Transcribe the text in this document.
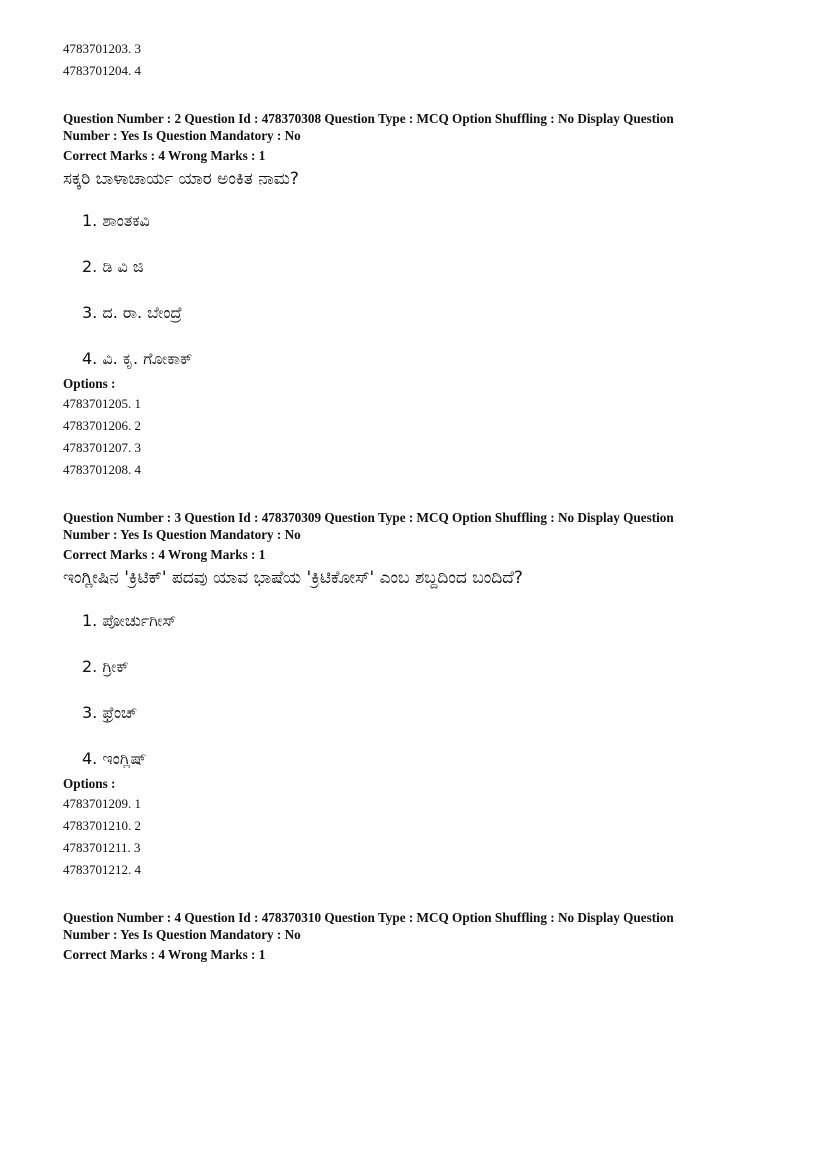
4783701203. 3
4783701204. 4
Question Number : 2 Question Id : 478370308 Question Type : MCQ Option Shuffling : No Display Question
Number : Yes Is Question Mandatory : No
Correct Marks : 4 Wrong Marks : 1
ಸಕ್ಕರಿ ಬಾಳಾಚಾರ್ಯ ಯಾರ ಅಂಕಿತ ನಾಮ?
1. ಶಾಂತಕವಿ
2. ಡಿ ವಿ ಜಿ
3. ದ. ರಾ. ಬೇಂದ್ರೆ
4. ವಿ. ಕೃ. ಗೋಕಾಕ್
Options :
4783701205. 1
4783701206. 2
4783701207. 3
4783701208. 4
Question Number : 3 Question Id : 478370309 Question Type : MCQ Option Shuffling : No Display Question
Number : Yes Is Question Mandatory : No
Correct Marks : 4 Wrong Marks : 1
ಇಂಗ್ಲೀಷಿನ 'ಕ್ರಿಟಿಕ್' ಪದವು ಯಾವ ಭಾಷೆಯ 'ಕ್ರಿಟಿಕೋಸ್' ಎಂಬ ಶಬ್ದದಿಂದ ಬಂದಿದೆ?
1. ಪೋರ್ಚುಗೀಸ್
2. ಗ್ರೀಕ್
3. ಫ್ರೆಂಚ್
4. ಇಂಗ್ಲಿಷ್
Options :
4783701209. 1
4783701210. 2
4783701211. 3
4783701212. 4
Question Number : 4 Question Id : 478370310 Question Type : MCQ Option Shuffling : No Display Question
Number : Yes Is Question Mandatory : No
Correct Marks : 4 Wrong Marks : 1
